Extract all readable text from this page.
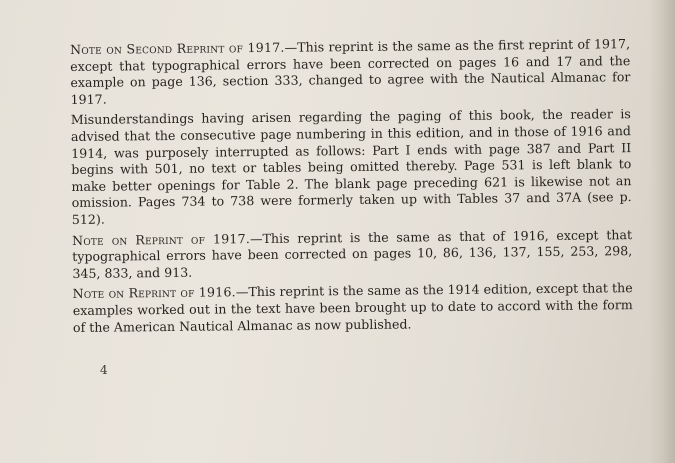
Note on Second Reprint of 1917.—This reprint is the same as the first reprint of 1917, except that typographical errors have been corrected on pages 16 and 17 and the example on page 136, section 333, changed to agree with the Nautical Almanac for 1917.

Misunderstandings having arisen regarding the paging of this book, the reader is advised that the consecutive page numbering in this edition, and in those of 1916 and 1914, was purposely interrupted as follows: Part I ends with page 387 and Part II begins with 501, no text or tables being omitted thereby. Page 531 is left blank to make better openings for Table 2. The blank page preceding 621 is likewise not an omission. Pages 734 to 738 were formerly taken up with Tables 37 and 37A (see p. 512).

Note on Reprint of 1917.—This reprint is the same as that of 1916, except that typographical errors have been corrected on pages 10, 86, 136, 137, 155, 253, 298, 345, 833, and 913.

Note on Reprint of 1916.—This reprint is the same as the 1914 edition, except that the examples worked out in the text have been brought up to date to accord with the form of the American Nautical Almanac as now published.

4
